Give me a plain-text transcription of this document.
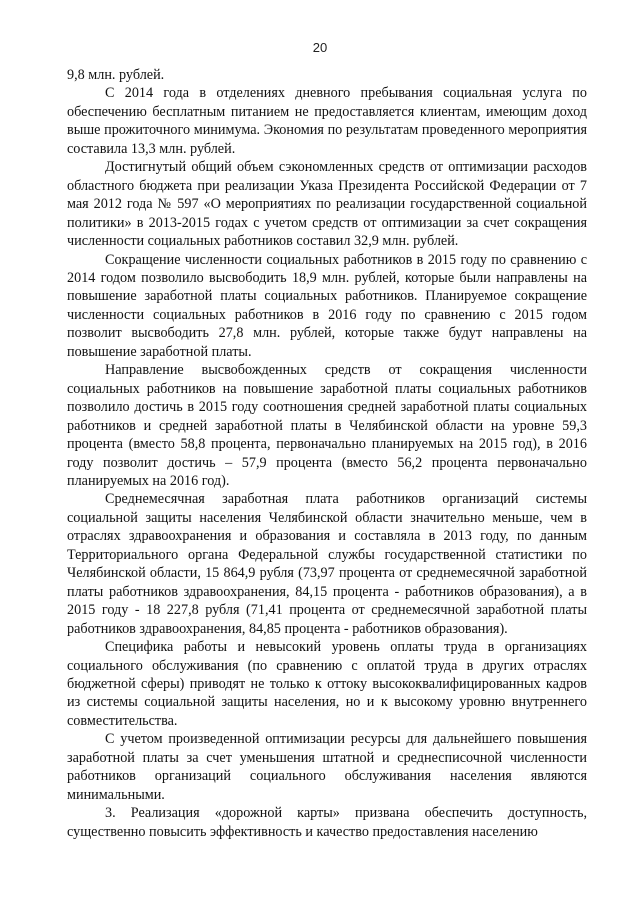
20

9,8 млн. рублей.

С 2014 года в отделениях дневного пребывания социальная услуга по обеспечению бесплатным питанием не предоставляется клиентам, имеющим доход выше прожиточного минимума. Экономия по результатам проведенного мероприятия составила 13,3 млн. рублей.

Достигнутый общий объем сэкономленных средств от оптимизации расходов областного бюджета при реализации Указа Президента Российской Федерации от 7 мая 2012 года № 597 «О мероприятиях по реализации государственной социальной политики» в 2013-2015 годах с учетом средств от оптимизации за счет сокращения численности социальных работников составил 32,9 млн. рублей.

Сокращение численности социальных работников в 2015 году по сравнению с 2014 годом позволило высвободить 18,9 млн. рублей, которые были направлены на повышение заработной платы социальных работников. Планируемое сокращение численности социальных работников в 2016 году по сравнению с 2015 годом позволит высвободить 27,8 млн. рублей, которые также будут направлены на повышение заработной платы.

Направление высвобожденных средств от сокращения численности социальных работников на повышение заработной платы социальных работников позволило достичь в 2015 году соотношения средней заработной платы социальных работников и средней заработной платы в Челябинской области на уровне 59,3 процента (вместо 58,8 процента, первоначально планируемых на 2015 год), в 2016 году позволит достичь – 57,9 процента (вместо 56,2 процента первоначально планируемых на 2016 год).

Среднемесячная заработная плата работников организаций системы социальной защиты населения Челябинской области значительно меньше, чем в отраслях здравоохранения и образования и составляла в 2013 году, по данным Территориального органа Федеральной службы государственной статистики по Челябинской области, 15 864,9 рубля (73,97 процента от среднемесячной заработной платы работников здравоохранения, 84,15 процента - работников образования), а в 2015 году - 18 227,8 рубля (71,41 процента от среднемесячной заработной платы работников здравоохранения, 84,85 процента - работников образования).

Специфика работы и невысокий уровень оплаты труда в организациях социального обслуживания (по сравнению с оплатой труда в других отраслях бюджетной сферы) приводят не только к оттоку высококвалифицированных кадров из системы социальной защиты населения, но и к высокому уровню внутреннего совместительства.

С учетом произведенной оптимизации ресурсы для дальнейшего повышения заработной платы за счет уменьшения штатной и среднесписочной численности работников организаций социального обслуживания населения являются минимальными.

3. Реализация «дорожной карты» призвана обеспечить доступность, существенно повысить эффективность и качество предоставления населению
